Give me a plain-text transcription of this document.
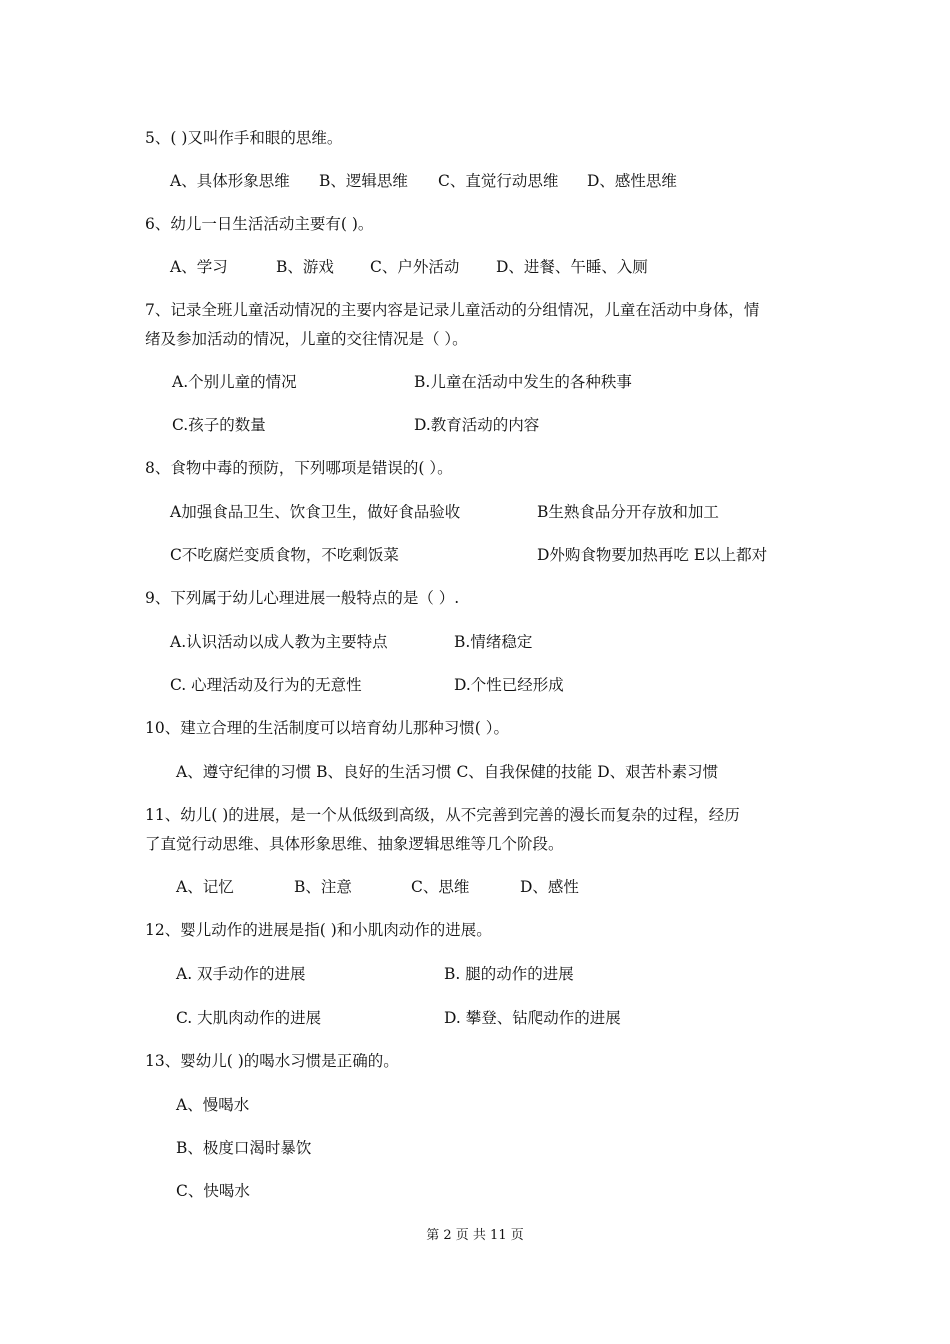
5、( )又叫作手和眼的思维。
A、具体形象思维 B、逻辑思维 C、直觉行动思维 D、感性思维
6、幼儿一日生活活动主要有( )。
A、学习	B、游戏 C、户外活动 D、进餐、午睡、入厕
7、记录全班儿童活动情况的主要内容是记录儿童活动的分组情况，儿童在活动中身体，情
绪及参加活动的情况，儿童的交往情况是（ ）。
A.个别儿童的情况	B.儿童在活动中发生的各种秩事
C.孩子的数量	D.教育活动的内容
8、食物中毒的预防，下列哪项是错误的( ）。
A加强食品卫生、饮食卫生，做好食品验收	B生熟食品分开存放和加工
C不吃腐烂变质食物，不吃剩饭菜	D外购食物要加热再吃 E以上都对
9、下列属于幼儿心理进展一般特点的是（ ）.
A.认识活动以成人教为主要特点	B.情绪稳定
C. 心理活动及行为的无意性	D.个性已经形成
10、建立合理的生活制度可以培育幼儿那种习惯( ）。
A、遵守纪律的习惯 B、良好的生活习惯 C、自我保健的技能 D、艰苦朴素习惯
11、幼儿( )的进展，是一个从低级到高级，从不完善到完善的漫长而复杂的过程，经历
了直觉行动思维、具体形象思维、抽象逻辑思维等几个阶段。
A、记忆	B、注意	C、思维	D、感性
12、婴儿动作的进展是指( )和小肌肉动作的进展。
A. 双手动作的进展	B. 腿的动作的进展
C. 大肌肉动作的进展	D. 攀登、钻爬动作的进展
13、婴幼儿( )的喝水习惯是正确的。
A、慢喝水
B、极度口渴时暴饮
C、快喝水
第 2 页 共 11 页
